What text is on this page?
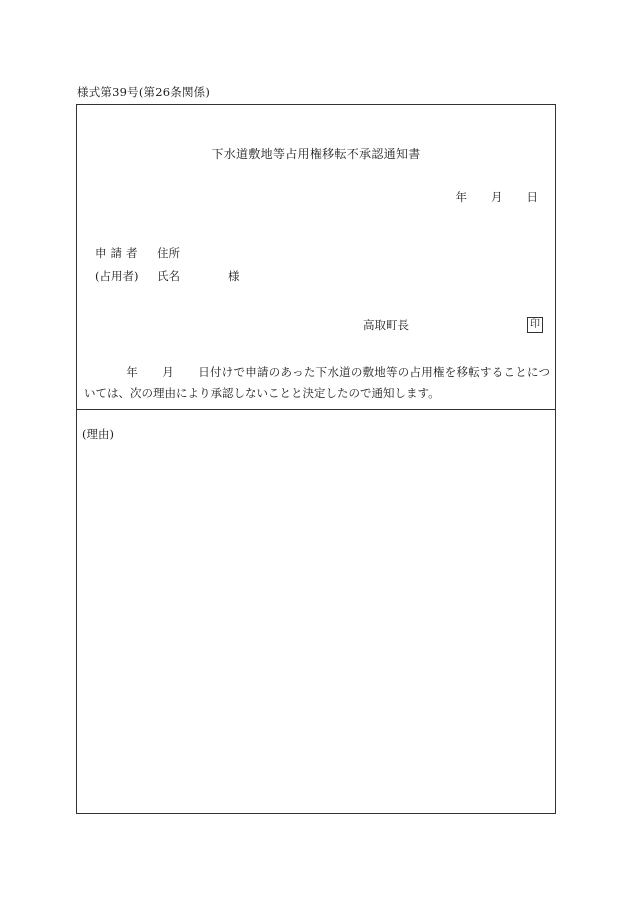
様式第39号(第26条関係)
下水道敷地等占用権移転不承認通知書
年 月 日
申請者 住所
(占用者) 氏名	様
高取町長	印
年 月 日付けで申請のあった下水道の敷地等の占用権を移転することについては、次の理由により承認しないことと決定したので通知します。
(理由)
